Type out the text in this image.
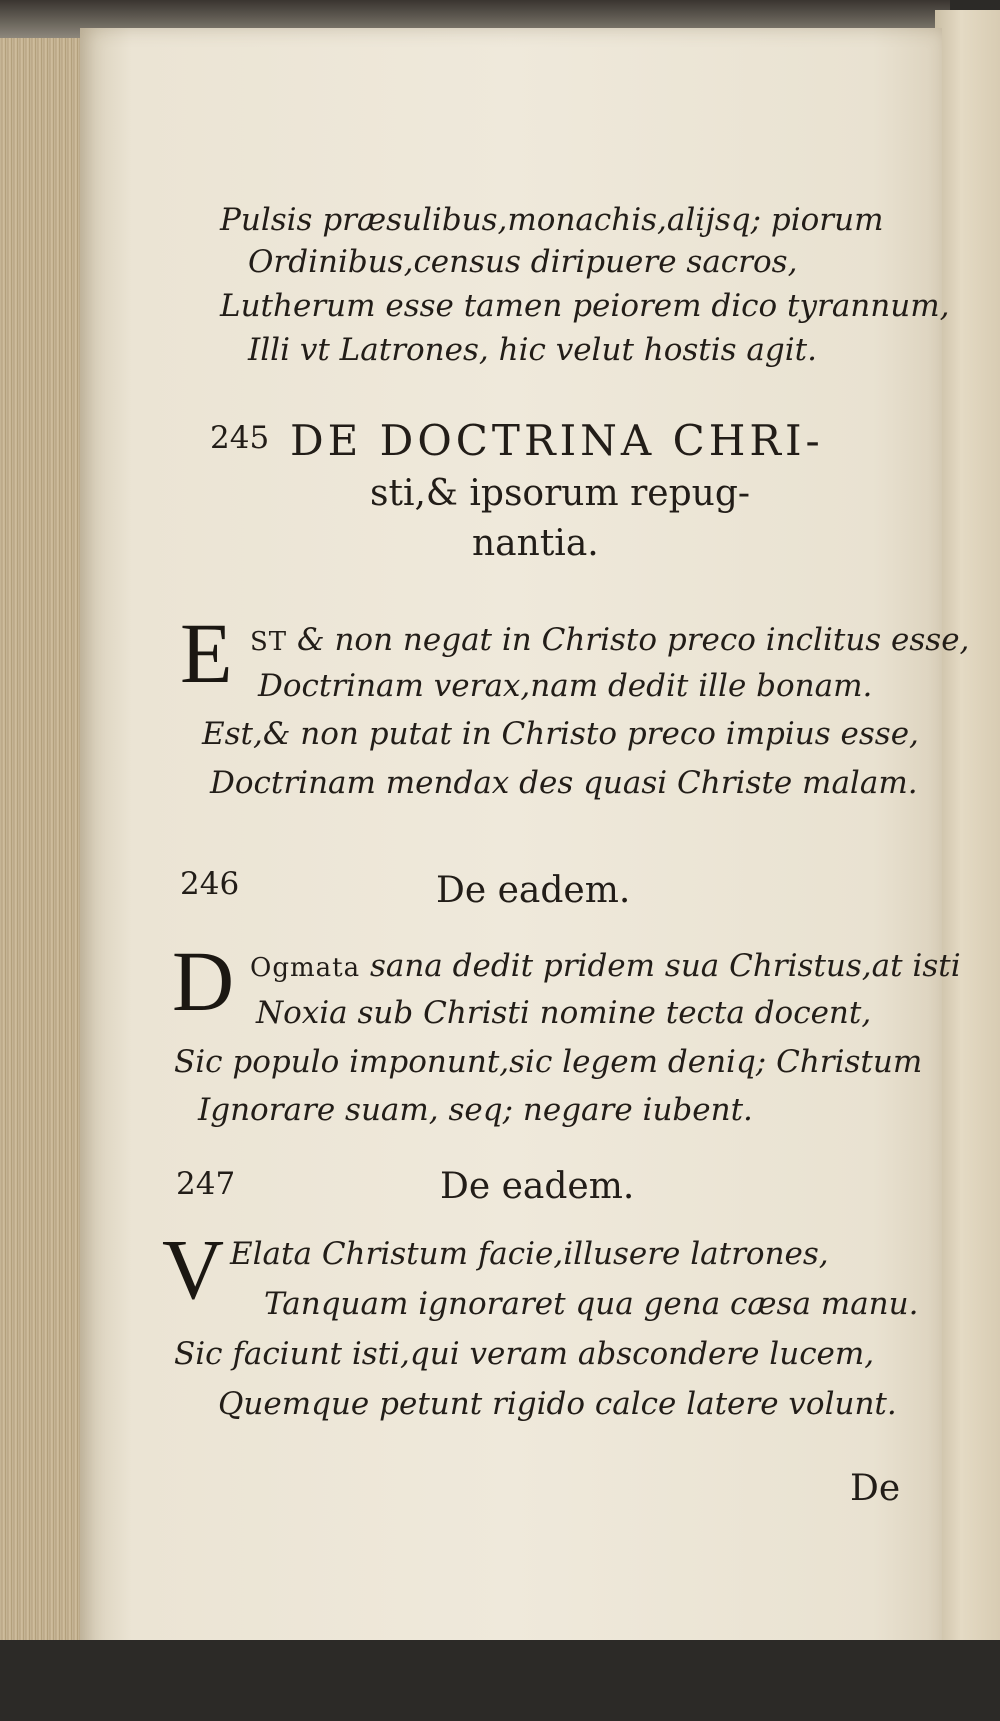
Pulsis præsulibus,monachis,alijsq; piorum
Ordinibus,census diripuere sacros,
Lutherum esse tamen peiorem dico tyrannum,
Illi vt Latrones, hic velut hostis agit.
245 DE DOCTRINA CHRI-
sti,& ipsorum repug-
nantia.
E ST & non negat in Christo preco inclitus esse,
Doctrinam verax,nam dedit ille bonam.
Est,& non putat in Christo preco impius esse,
Doctrinam mendax des quasi Christe malam.
246	De eadem.
D Ogmata sana dedit pridem sua Christus,at isti
Noxia sub Christi nomine tecta docent,
Sic populo imponunt,sic legem deniq; Christum
Ignorare suam, seq; negare iubent.
247	De eadem.
V Elata Christum facie,illusere latrones,
Tanquam ignoraret qua gena cæsa manu.
Sic faciunt isti,qui veram abscondere lucem,
Quemque petunt rigido calce latere volunt.
De
